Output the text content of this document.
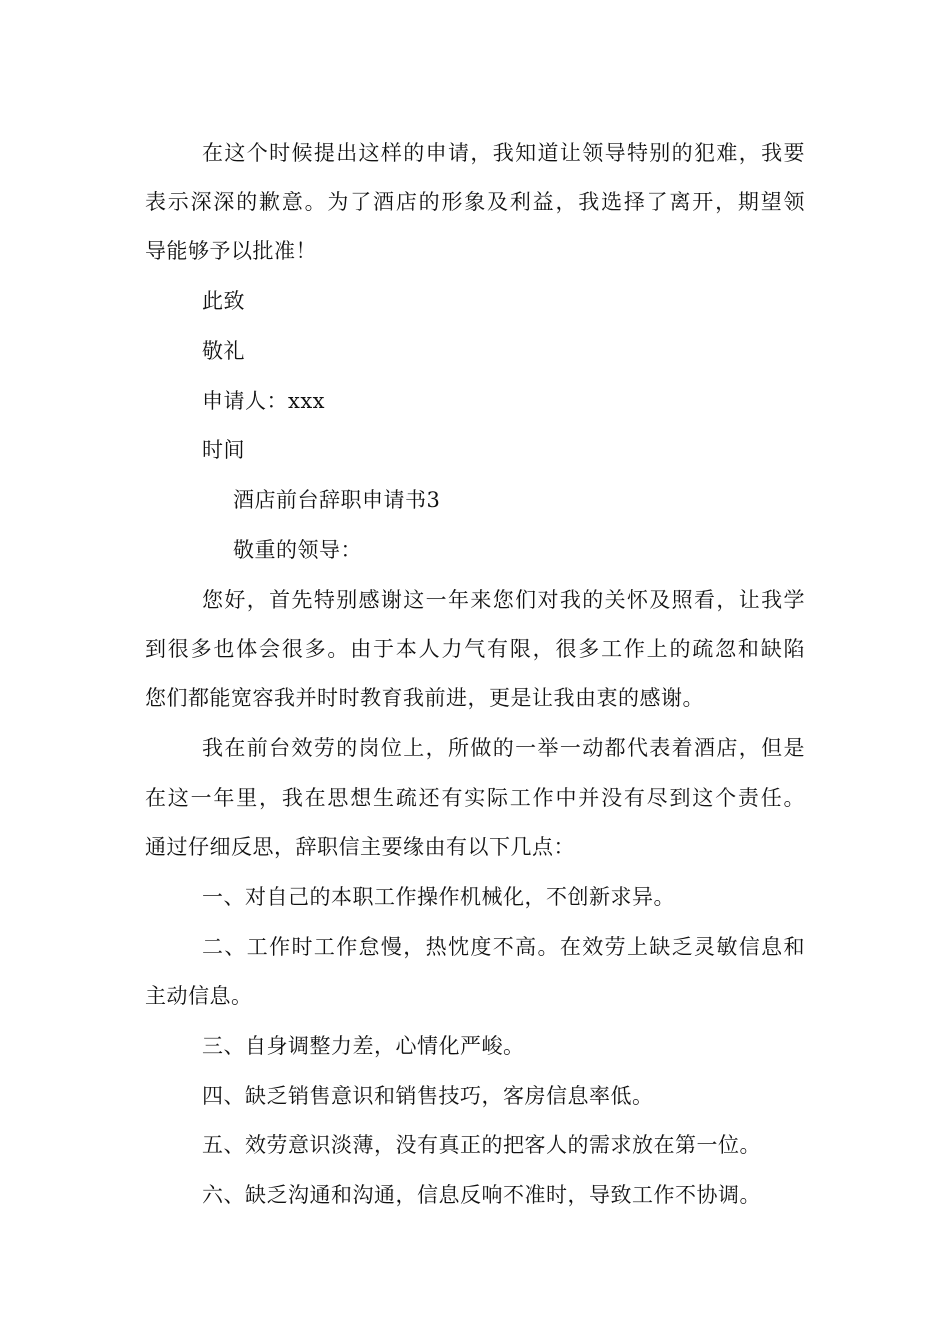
在这个时候提出这样的申请，我知道让领导特别的犯难，我要
表示深深的歉意。为了酒店的形象及利益，我选择了离开，期望领
导能够予以批准！
此致
敬礼
申请人：xxx
时间
酒店前台辞职申请书3
敬重的领导：
您好，首先特别感谢这一年来您们对我的关怀及照看，让我学
到很多也体会很多。由于本人力气有限，很多工作上的疏忽和缺陷
您们都能宽容我并时时教育我前进，更是让我由衷的感谢。
我在前台效劳的岗位上，所做的一举一动都代表着酒店，但是
在这一年里，我在思想生疏还有实际工作中并没有尽到这个责任。
通过仔细反思，辞职信主要缘由有以下几点：
一、对自己的本职工作操作机械化，不创新求异。
二、工作时工作怠慢，热忱度不高。在效劳上缺乏灵敏信息和
主动信息。
三、自身调整力差，心情化严峻。
四、缺乏销售意识和销售技巧，客房信息率低。
五、效劳意识淡薄，没有真正的把客人的需求放在第一位。
六、缺乏沟通和沟通，信息反响不准时，导致工作不协调。
